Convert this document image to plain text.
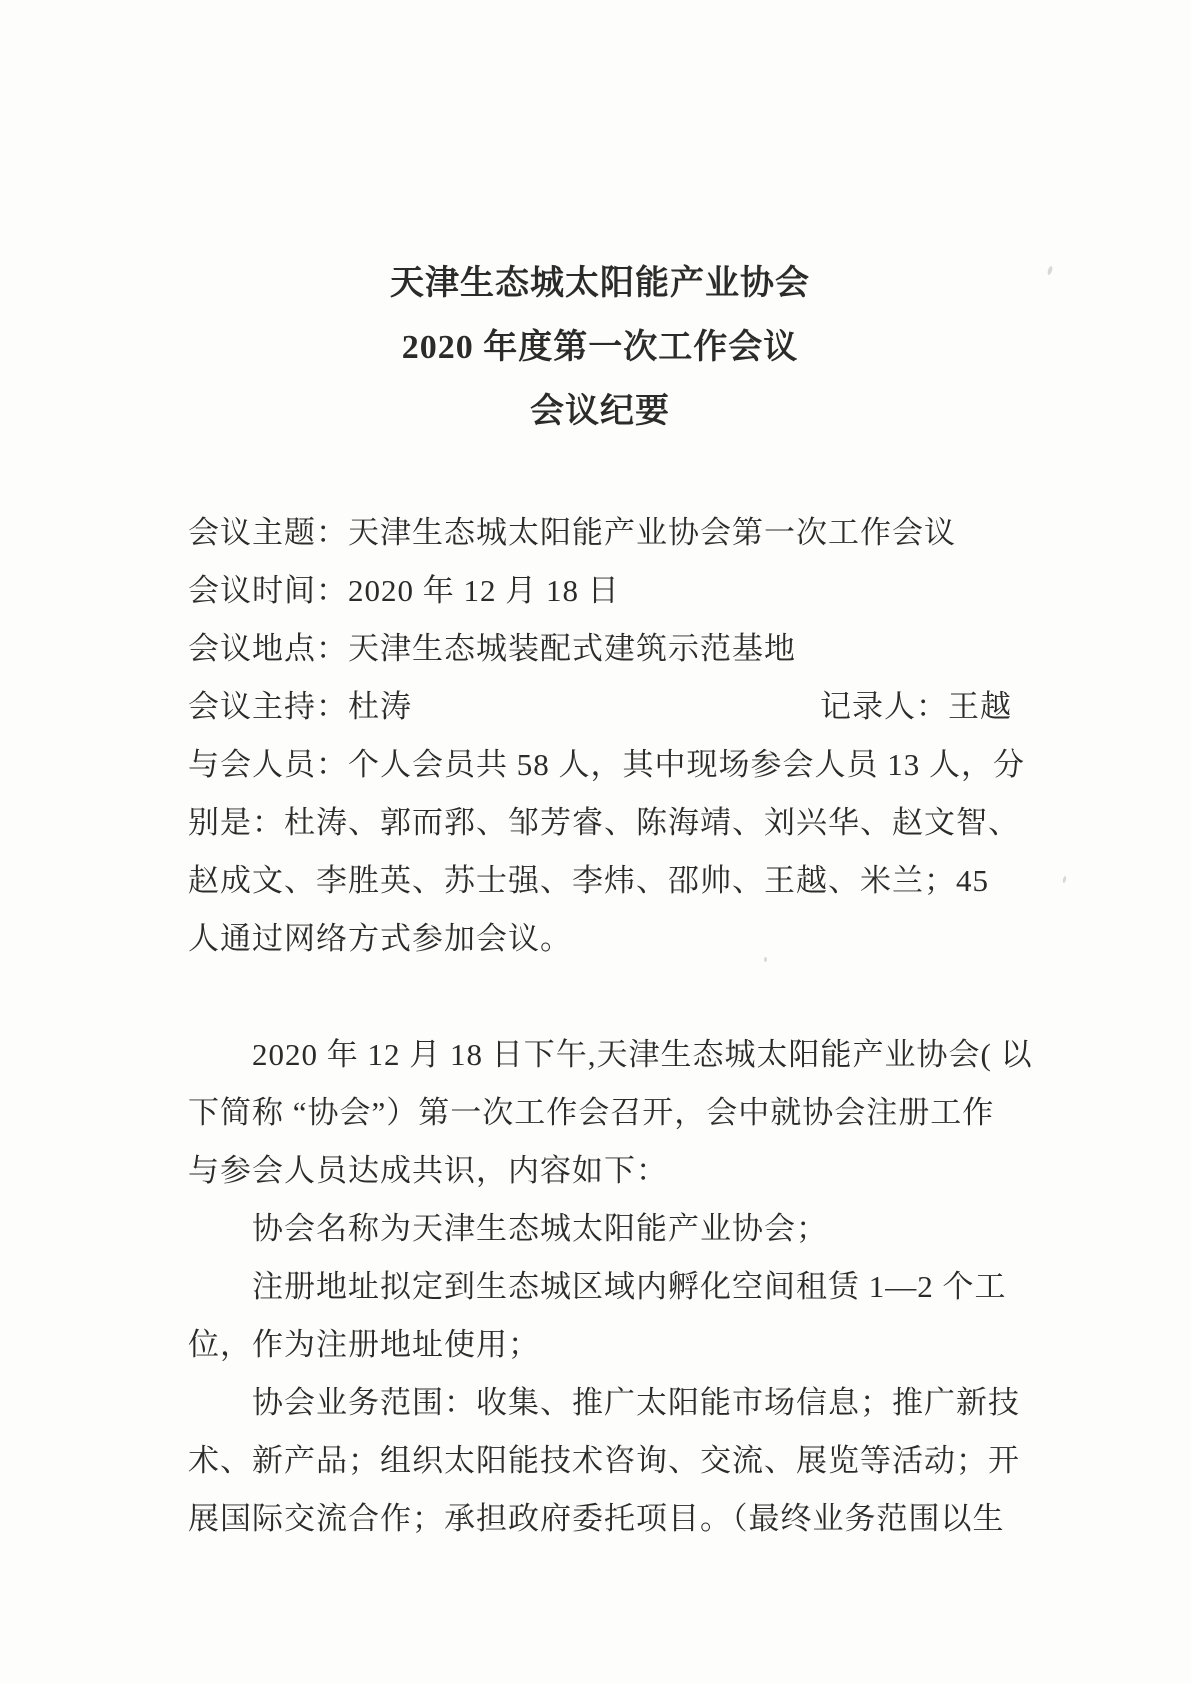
天津生态城太阳能产业协会
2020 年度第一次工作会议
会议纪要
会议主题：天津生态城太阳能产业协会第一次工作会议
会议时间：2020 年 12 月 18 日
会议地点：天津生态城装配式建筑示范基地
会议主持：杜涛	记录人：王越
与会人员：个人会员共 58 人，其中现场参会人员 13 人，分
别是：杜涛、郭而郛、邹芳睿、陈海靖、刘兴华、赵文智、
赵成文、李胜英、苏士强、李炜、邵帅、王越、米兰；45
人通过网络方式参加会议。
2020 年 12 月 18 日下午,天津生态城太阳能产业协会( 以
下简称 “协会”）第一次工作会召开，会中就协会注册工作
与参会人员达成共识，内容如下：
协会名称为天津生态城太阳能产业协会；
注册地址拟定到生态城区域内孵化空间租赁 1—2 个工
位，作为注册地址使用；
协会业务范围：收集、推广太阳能市场信息；推广新技
术、新产品；组织太阳能技术咨询、交流、展览等活动；开
展国际交流合作；承担政府委托项目。（最终业务范围以生
